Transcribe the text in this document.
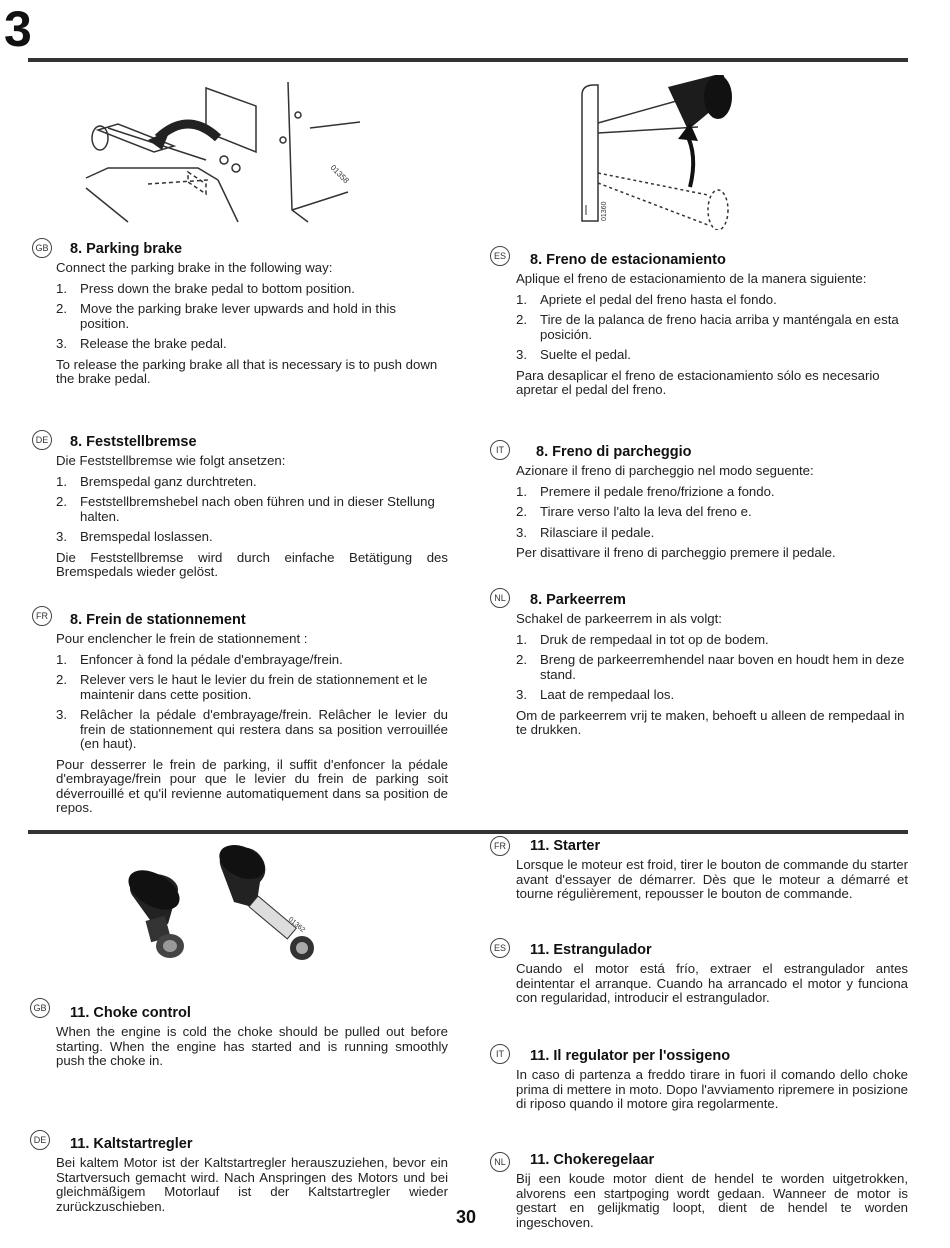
3
01358
01360
01362
GB 8. Parking brake

Connect the parking brake in the following way:

1. Press down the brake pedal to bottom position.
2. Move the parking brake lever upwards and hold in this position.
3. Release the brake pedal.

To release the parking brake all that is necessary is to push down the brake pedal.

DE 8. Feststellbremse

Die Feststellbremse wie folgt ansetzen:

1. Bremspedal ganz durchtreten.
2. Feststellbremshebel nach oben führen und in dieser Stellung halten.
3. Bremspedal loslassen.

Die Feststellbremse wird durch einfache Betätigung des Bremspedals wieder gelöst.

FR 8. Frein de stationnement

Pour enclencher le frein de stationnement :

1. Enfoncer à fond la pédale d'embrayage/frein.
2. Relever vers le haut le levier du frein de stationnement et le maintenir dans cette position.
3. Relâcher la pédale d'embrayage/frein. Relâcher le levier du frein de stationnement qui restera dans sa position verrouillée (en haut).

Pour desserrer le frein de parking, il suffit d'enfoncer la pédale d'embrayage/frein pour que le levier du frein de parking soit déverrouillé et qu'il revienne automatiquement dans sa position de repos.

ES 8. Freno de estacionamiento

Aplique el freno de estacionamiento de la manera siguiente:

1. Apriete el pedal del freno hasta el fondo.
2. Tire de la palanca de freno hacia arriba y manténgala en esta posición.
3. Suelte el pedal.

Para desaplicar el freno de estacionamiento sólo es necesario apretar el pedal del freno.

IT	8. Freno di parcheggio

Azionare il freno di parcheggio nel modo seguente:

1. Premere il pedale freno/frizione a fondo.
2. Tirare verso l'alto la leva del freno e.
3. Rilasciare il pedale.

Per disattivare il freno di parcheggio premere il pedale.

NL 8. Parkeerrem

Schakel de parkeerrem in als volgt:

1. Druk de rempedaal in tot op de bodem.
2. Breng de parkeerremhendel naar boven en houdt hem in deze stand.
3. Laat de rempedaal los.

Om de parkeerrem vrij te maken, behoeft u alleen de rempedaal in te drukken.

GB 11. Choke control

When the engine is cold the choke should be pulled out before starting. When the engine has started and is running smoothly push the choke in.

DE 11. Kaltstartregler

Bei kaltem Motor ist der Kaltstartregler herauszuziehen, bevor ein Startversuch gemacht wird. Nach Anspringen des Motors und bei gleichmäßigem Motorlauf ist der Kaltstartregler wieder zurückzuschieben.

FR 11. Starter

Lorsque le moteur est froid, tirer le bouton de commande du starter avant d'essayer de démarrer. Dès que le moteur a démarré et tourne régulièrement, repousser le bouton de commande.

ES 11. Estrangulador

Cuando el motor está frío, extraer el estrangulador antes deintentar el arranque. Cuando ha arrancado el motor y funciona con regularidad, introducir el estrangulador.

IT	11. Il regulator per l'ossigeno

In caso di partenza a freddo tirare in fuori il comando dello choke prima di mettere in moto. Dopo l'avviamento ripremere in posizione di riposo quando il motore gira regolarmente.

NL 11. Chokeregelaar

Bij een koude motor dient de hendel te worden uitgetrokken, alvorens een startpoging wordt gedaan. Wanneer de motor is gestart en gelijkmatig loopt, dient de hendel te worden ingeschoven.

30
